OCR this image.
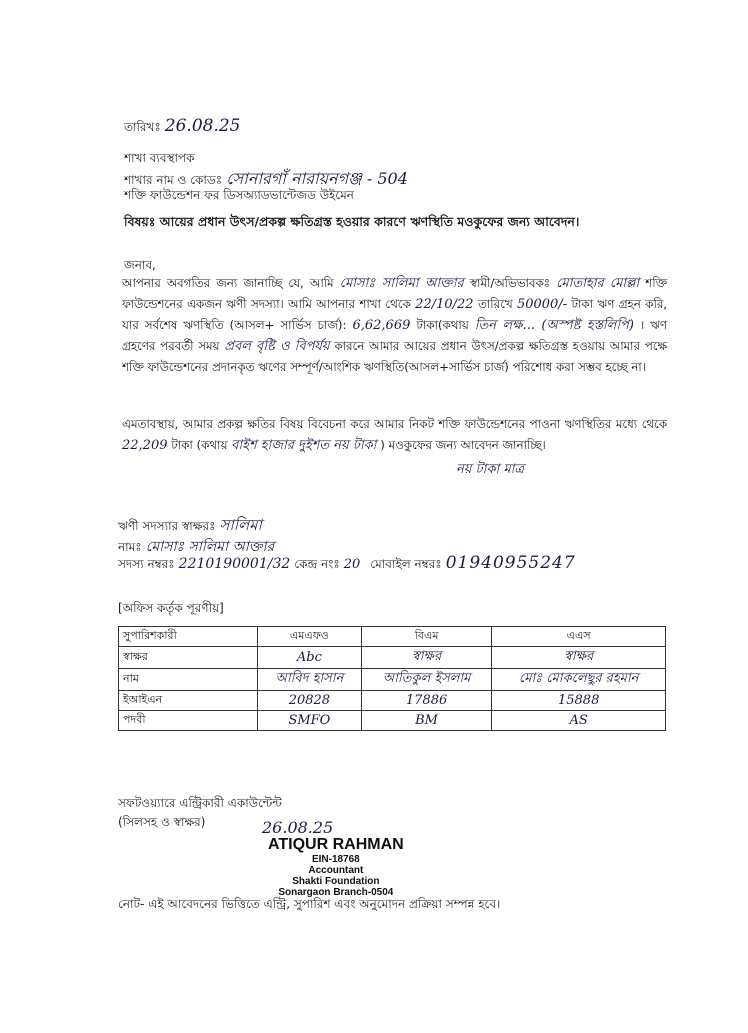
তারিখঃ 26.08.25
শাখা ব্যবস্থাপক
শাখার নাম ও কোডঃ সোনারগাঁ নারায়নগঞ্জ - 504
শক্তি ফাউন্ডেশন ফর ডিসঅ্যাডভান্টেজড উইমেন
বিষয়ঃ আয়ের প্রধান উৎস/প্রকল্প ক্ষতিগ্রস্ত হওয়ার কারণে ঋণস্থিতি মওকুফের জন্য আবেদন।
জনাব,
আপনার অবগতির জন্য জানাচ্ছি যে, আমি মোসাঃ সালিমা আক্তার স্বামী/অভিভাবকঃ মোতাহার মোল্লা শক্তি ফাউন্ডেশনের একজন ঋণী সদস্যা। আমি আপনার শাখা থেকে 22/10/22 তারিখে 50000/- টাকা ঋণ গ্রহন করি, যার সর্বশেষ ঋণস্থিতি (আসল+ সার্ভিস চার্জ): 6,62,669 টাকা(কথায় তিন লক্ষ... (অস্পষ্ট হস্তলিপি) । ঋণ গ্রহণের পরবর্তী সময় প্রবল বৃষ্টি ও বিপর্যয় কারনে আমার আয়ের প্রধান উৎস/প্রকল্প ক্ষতিগ্রস্ত হওয়ায় আমার পক্ষে শক্তি ফাউন্ডেশনের প্রদানকৃত ঋণের সম্পূর্ণ/আংশিক ঋণস্থিতি(আসল+সার্ভিস চার্জ) পরিশোধ করা সম্ভব হচ্ছে না।
এমতাবস্থায়, আমার প্রকল্প ক্ষতির বিষয় বিবেচনা করে আমার নিকট শক্তি ফাউন্ডেশনের পাওনা ঋণস্থিতির মধ্যে থেকে 22,209 টাকা (কথায় বাইশ হাজার দুইশত নয় টাকা ) মওকুফের জন্য আবেদন জানাচ্ছি।
নয় টাকা মাত্র
ঋণী সদস্যার স্বাক্ষরঃ সালিমা
নামঃ মোসাঃ সালিমা আক্তার
সদস্য নম্বরঃ 2210190001/32 কেন্দ্র নংঃ 20 মোবাইল নম্বরঃ 01940955247
[অফিস কর্তৃক পূরণীয়]
সুপারিশকারী	এমএফও	বিএম	এএস
স্বাক্ষর	Abc	স্বাক্ষর	স্বাক্ষর
নাম	আবিদ হাসান	আতিকুল ইসলাম	মোঃ মোকলেছুর রহমান
ইআইএন	20828	17886	15888
পদবী	SMFO	BM	AS
সফটওয়্যারে এন্ট্রিকারী একাউন্টেন্ট
(সিলসহ ও স্বাক্ষর)	26.08.25
ATIQUR RAHMAN
EIN-18768
Accountant
Shakti Foundation
Sonargaon Branch-0504
নোট- এই আবেদনের ভিত্তিতে এন্ট্রি, সুপারিশ এবং অনুমোদন প্রক্রিয়া সম্পন্ন হবে।
